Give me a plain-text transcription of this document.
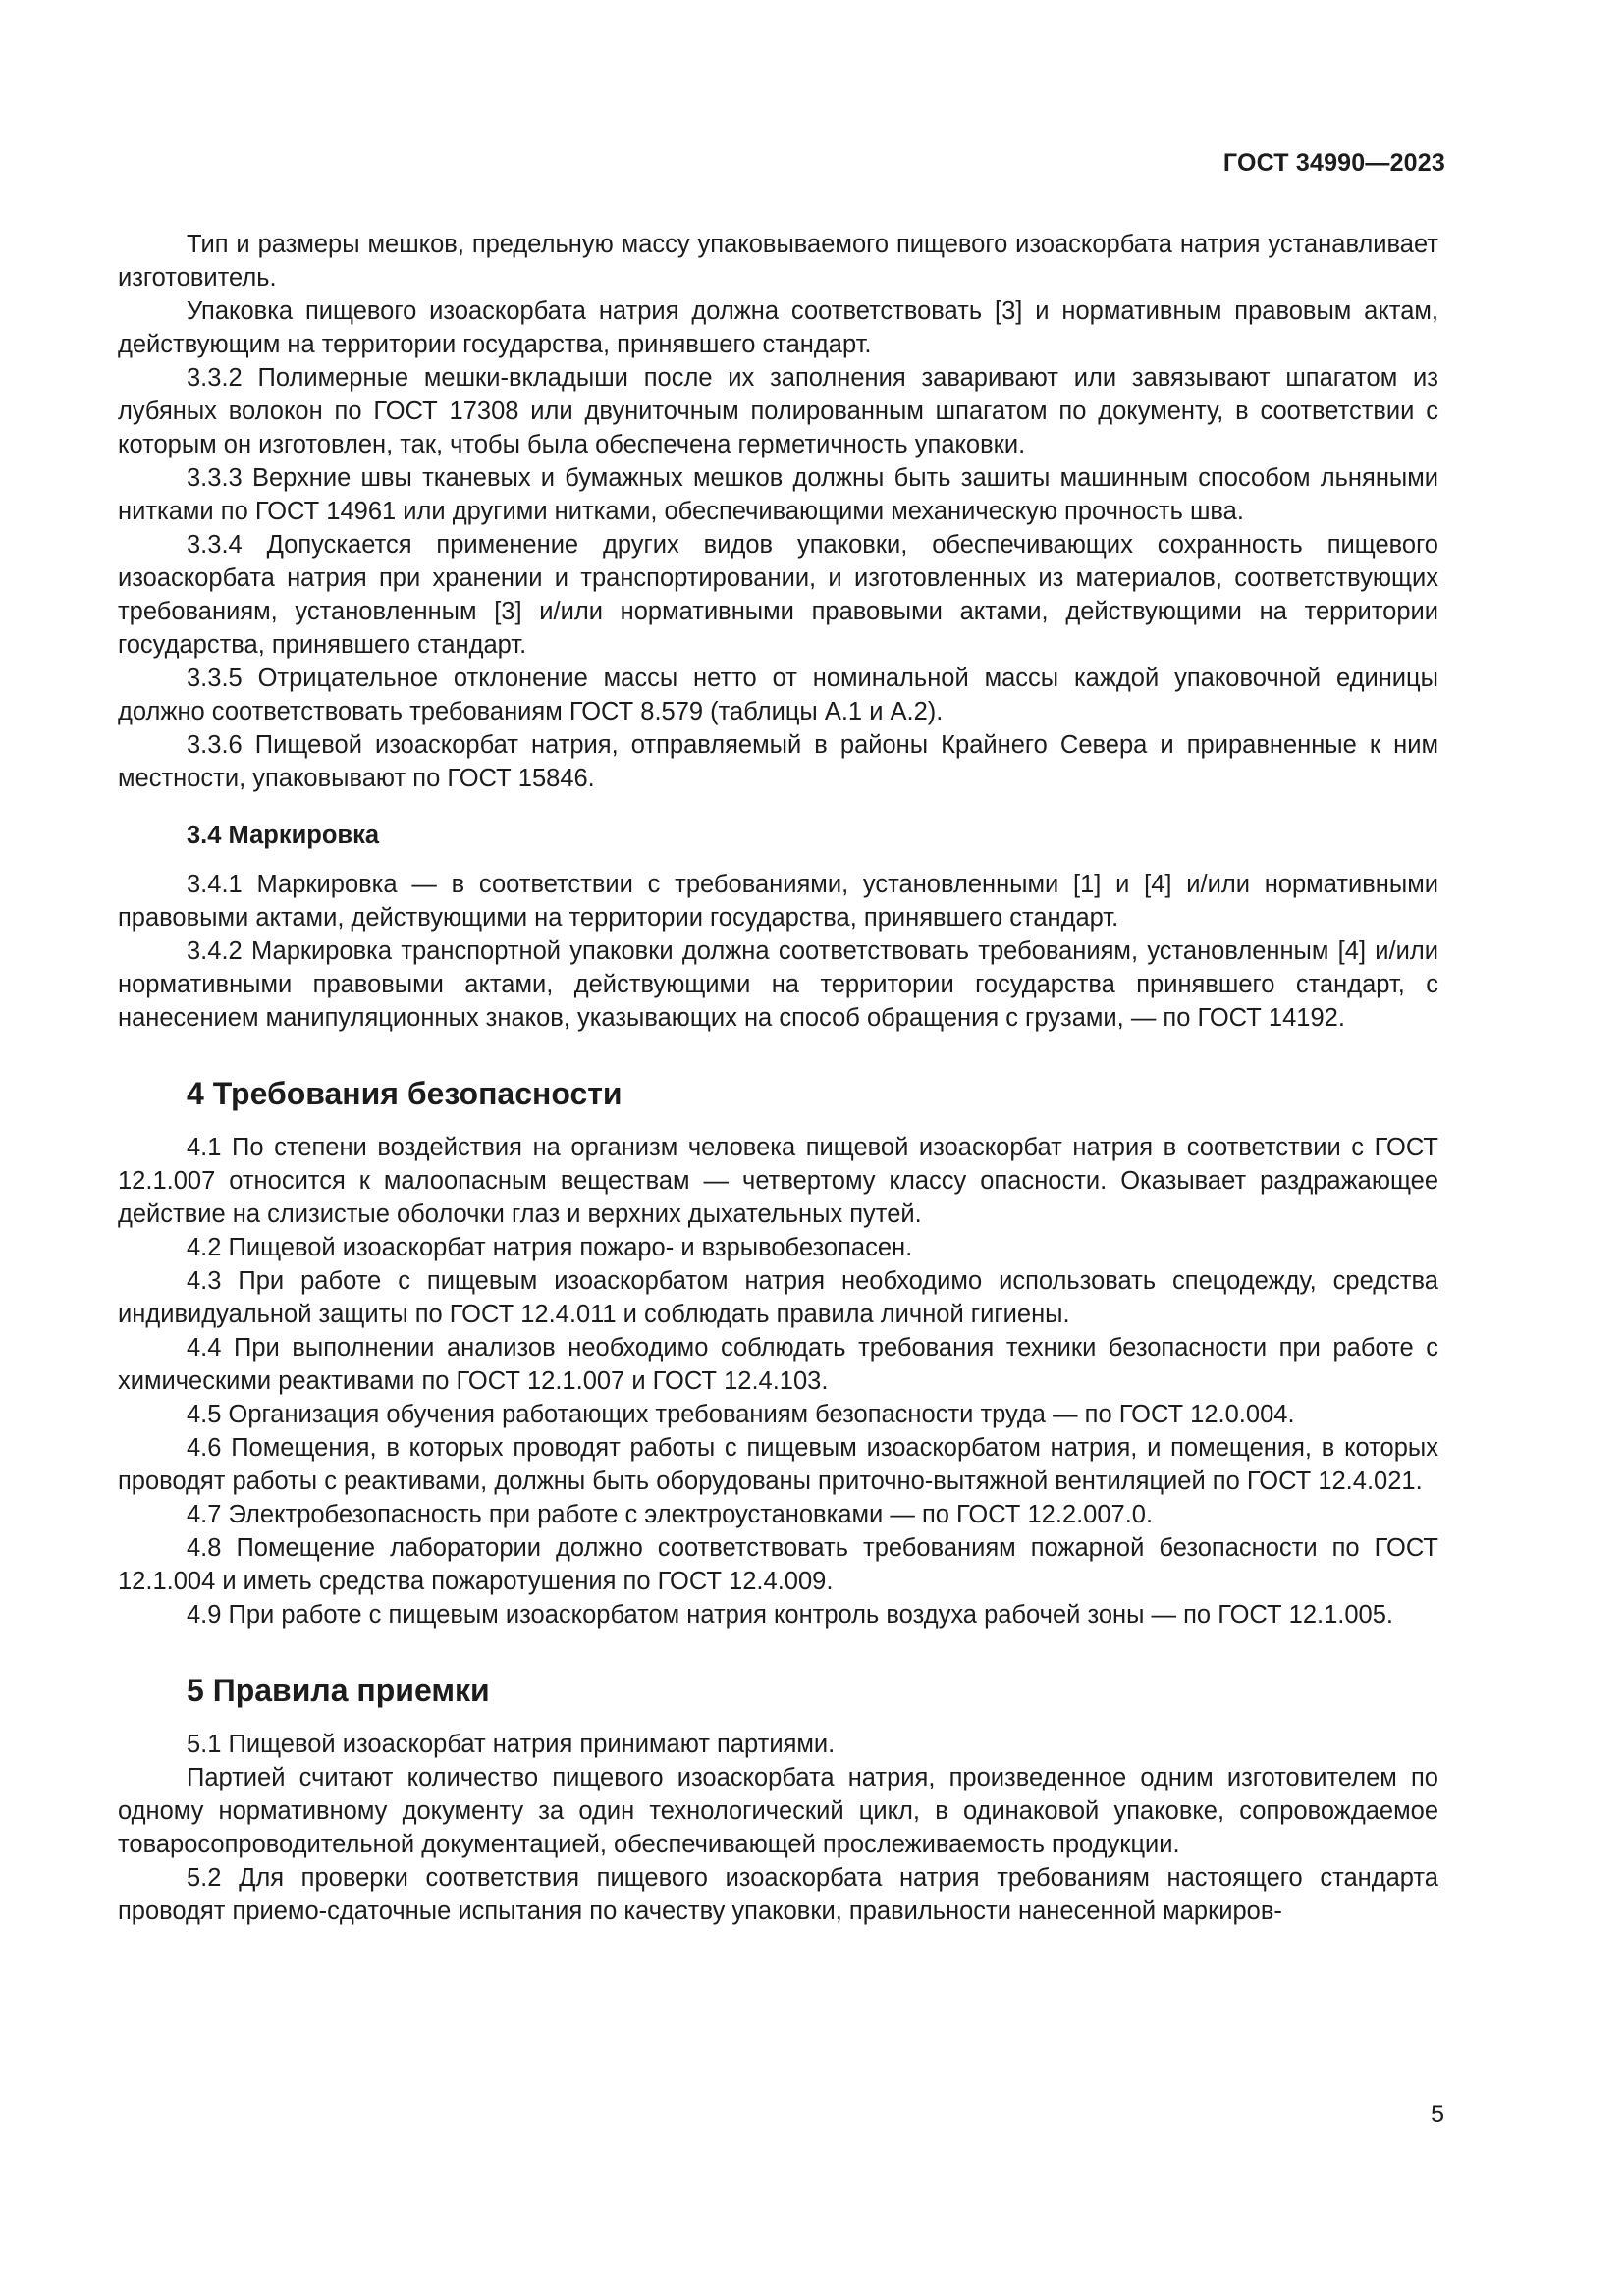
ГОСТ 34990—2023
Тип и размеры мешков, предельную массу упаковываемого пищевого изоаскорбата натрия устанавливает изготовитель.
Упаковка пищевого изоаскорбата натрия должна соответствовать [3] и нормативным правовым актам, действующим на территории государства, принявшего стандарт.
3.3.2 Полимерные мешки-вкладыши после их заполнения заваривают или завязывают шпагатом из лубяных волокон по ГОСТ 17308 или двуниточным полированным шпагатом по документу, в соответствии с которым он изготовлен, так, чтобы была обеспечена герметичность упаковки.
3.3.3 Верхние швы тканевых и бумажных мешков должны быть зашиты машинным способом льняными нитками по ГОСТ 14961 или другими нитками, обеспечивающими механическую прочность шва.
3.3.4 Допускается применение других видов упаковки, обеспечивающих сохранность пищевого изоаскорбата натрия при хранении и транспортировании, и изготовленных из материалов, соответствующих требованиям, установленным [3] и/или нормативными правовыми актами, действующими на территории государства, принявшего стандарт.
3.3.5 Отрицательное отклонение массы нетто от номинальной массы каждой упаковочной единицы должно соответствовать требованиям ГОСТ 8.579 (таблицы А.1 и А.2).
3.3.6 Пищевой изоаскорбат натрия, отправляемый в районы Крайнего Севера и приравненные к ним местности, упаковывают по ГОСТ 15846.
3.4 Маркировка
3.4.1 Маркировка — в соответствии с требованиями, установленными [1] и [4] и/или нормативными правовыми актами, действующими на территории государства, принявшего стандарт.
3.4.2 Маркировка транспортной упаковки должна соответствовать требованиям, установленным [4] и/или нормативными правовыми актами, действующими на территории государства принявшего стандарт, с нанесением манипуляционных знаков, указывающих на способ обращения с грузами, — по ГОСТ 14192.
4 Требования безопасности
4.1 По степени воздействия на организм человека пищевой изоаскорбат натрия в соответствии с ГОСТ 12.1.007 относится к малоопасным веществам — четвертому классу опасности. Оказывает раздражающее действие на слизистые оболочки глаз и верхних дыхательных путей.
4.2 Пищевой изоаскорбат натрия пожаро- и взрывобезопасен.
4.3 При работе с пищевым изоаскорбатом натрия необходимо использовать спецодежду, средства индивидуальной защиты по ГОСТ 12.4.011 и соблюдать правила личной гигиены.
4.4 При выполнении анализов необходимо соблюдать требования техники безопасности при работе с химическими реактивами по ГОСТ 12.1.007 и ГОСТ 12.4.103.
4.5 Организация обучения работающих требованиям безопасности труда — по ГОСТ 12.0.004.
4.6 Помещения, в которых проводят работы с пищевым изоаскорбатом натрия, и помещения, в которых проводят работы с реактивами, должны быть оборудованы приточно-вытяжной вентиляцией по ГОСТ 12.4.021.
4.7 Электробезопасность при работе с электроустановками — по ГОСТ 12.2.007.0.
4.8 Помещение лаборатории должно соответствовать требованиям пожарной безопасности по ГОСТ 12.1.004 и иметь средства пожаротушения по ГОСТ 12.4.009.
4.9 При работе с пищевым изоаскорбатом натрия контроль воздуха рабочей зоны — по ГОСТ 12.1.005.
5 Правила приемки
5.1 Пищевой изоаскорбат натрия принимают партиями.
Партией считают количество пищевого изоаскорбата натрия, произведенное одним изготовителем по одному нормативному документу за один технологический цикл, в одинаковой упаковке, сопровождаемое товаросопроводительной документацией, обеспечивающей прослеживаемость продукции.
5.2 Для проверки соответствия пищевого изоаскорбата натрия требованиям настоящего стандарта проводят приемо-сдаточные испытания по качеству упаковки, правильности нанесенной маркиров-
5
